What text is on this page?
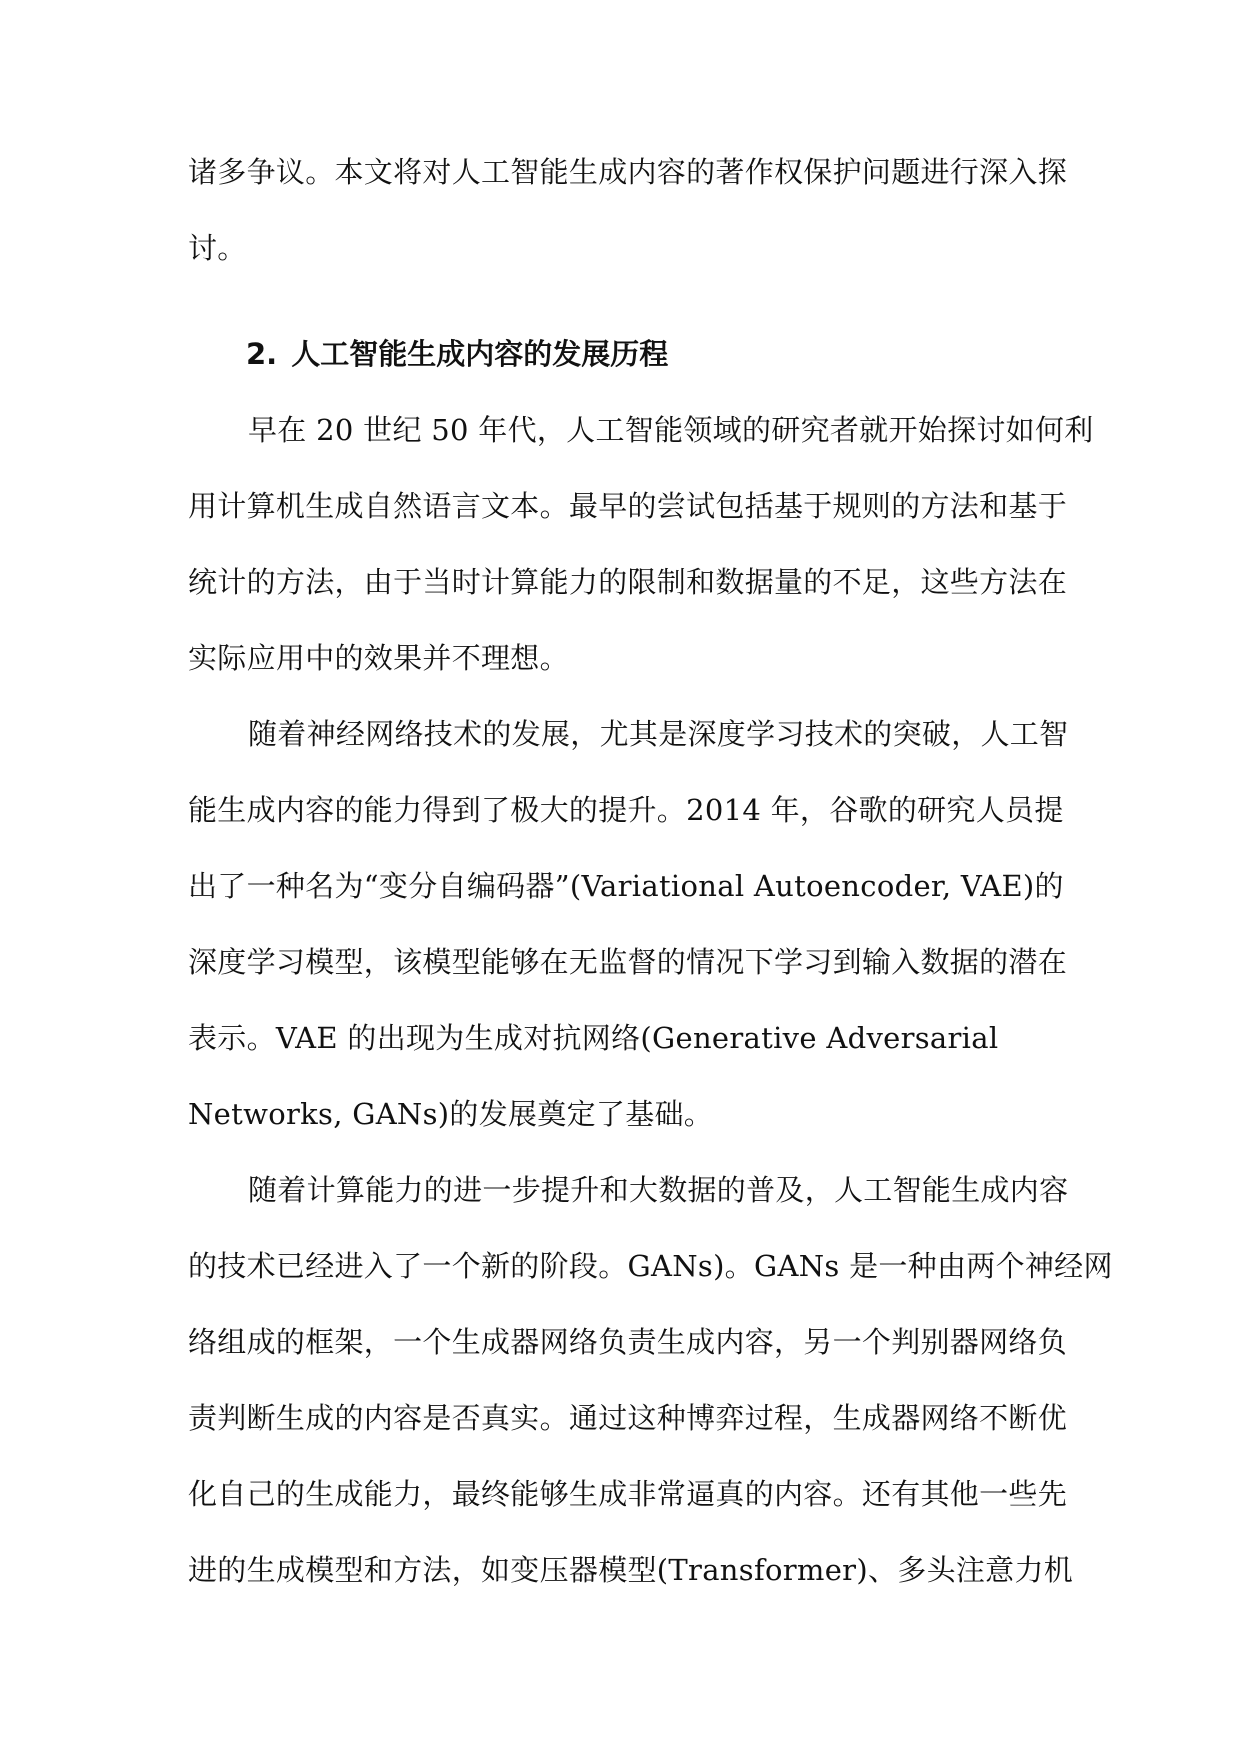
诸多争议。本文将对人工智能生成内容的著作权保护问题进行深入探
讨。
2. 人工智能生成内容的发展历程
早在 20 世纪 50 年代，人工智能领域的研究者就开始探讨如何利
用计算机生成自然语言文本。最早的尝试包括基于规则的方法和基于
统计的方法，由于当时计算能力的限制和数据量的不足，这些方法在
实际应用中的效果并不理想。
随着神经网络技术的发展，尤其是深度学习技术的突破，人工智
能生成内容的能力得到了极大的提升。2014 年，谷歌的研究人员提
出了一种名为“变分自编码器”(Variational Autoencoder, VAE)的
深度学习模型，该模型能够在无监督的情况下学习到输入数据的潜在
表示。VAE 的出现为生成对抗网络(Generative Adversarial
Networks, GANs)的发展奠定了基础。
随着计算能力的进一步提升和大数据的普及，人工智能生成内容
的技术已经进入了一个新的阶段。GANs)。GANs 是一种由两个神经网
络组成的框架，一个生成器网络负责生成内容，另一个判别器网络负
责判断生成的内容是否真实。通过这种博弈过程，生成器网络不断优
化自己的生成能力，最终能够生成非常逼真的内容。还有其他一些先
进的生成模型和方法，如变压器模型(Transformer)、多头注意力机
